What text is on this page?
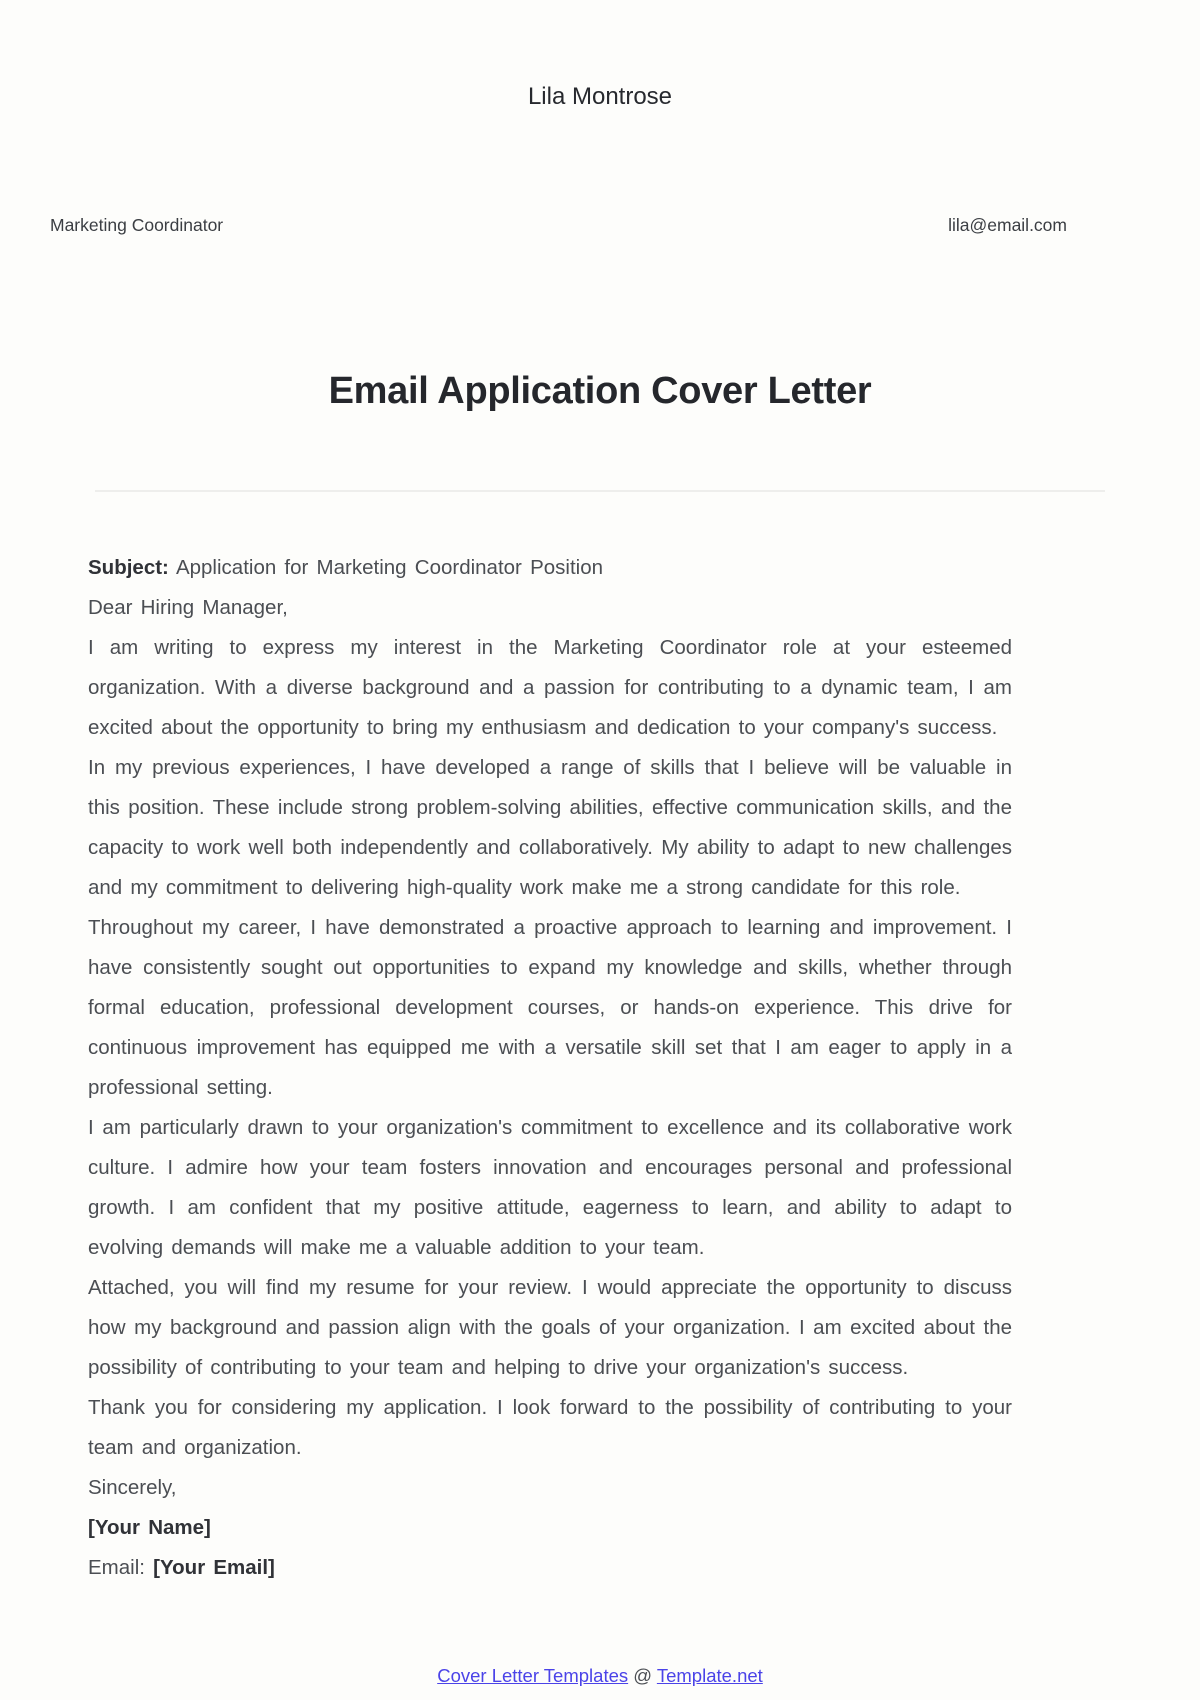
Lila Montrose
Marketing Coordinator	lila@email.com
Email Application Cover Letter

Subject: Application for Marketing Coordinator Position

Dear Hiring Manager,

I am writing to express my interest in the Marketing Coordinator role at your esteemed organization. With a diverse background and a passion for contributing to a dynamic team, I am excited about the opportunity to bring my enthusiasm and dedication to your company's success.

In my previous experiences, I have developed a range of skills that I believe will be valuable in this position. These include strong problem-solving abilities, effective communication skills, and the capacity to work well both independently and collaboratively. My ability to adapt to new challenges and my commitment to delivering high-quality work make me a strong candidate for this role.

Throughout my career, I have demonstrated a proactive approach to learning and improvement. I have consistently sought out opportunities to expand my knowledge and skills, whether through formal education, professional development courses, or hands-on experience. This drive for continuous improvement has equipped me with a versatile skill set that I am eager to apply in a professional setting.

I am particularly drawn to your organization's commitment to excellence and its collaborative work culture. I admire how your team fosters innovation and encourages personal and professional growth. I am confident that my positive attitude, eagerness to learn, and ability to adapt to evolving demands will make me a valuable addition to your team.

Attached, you will find my resume for your review. I would appreciate the opportunity to discuss how my background and passion align with the goals of your organization. I am excited about the possibility of contributing to your team and helping to drive your organization's success.

Thank you for considering my application. I look forward to the possibility of contributing to your team and organization.

Sincerely,

[Your Name]

Email: [Your Email]

Cover Letter Templates @ Template.net
